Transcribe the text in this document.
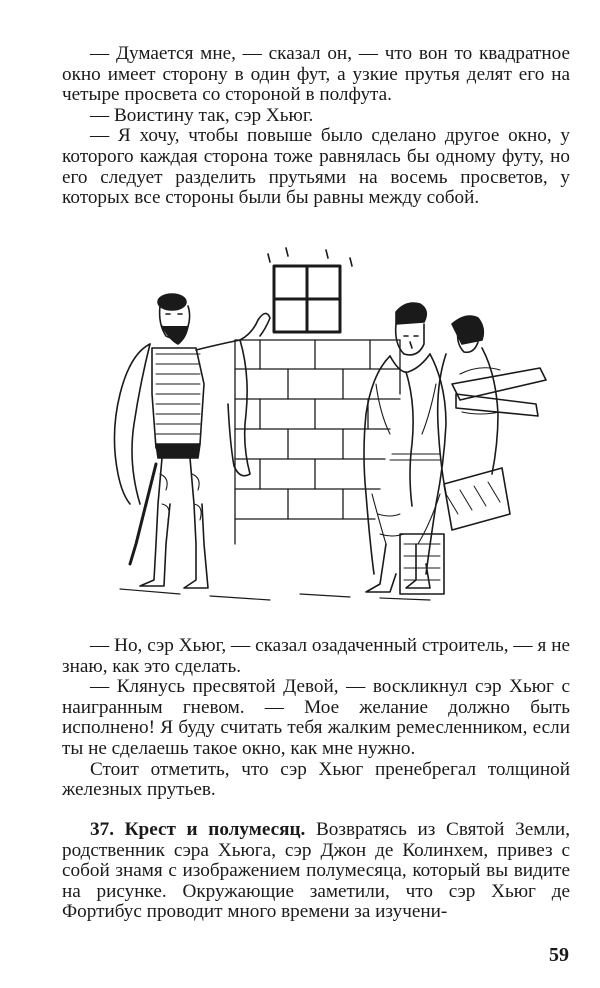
— Думается мне, — сказал он, — что вон то квадратное окно имеет сторону в один фут, а узкие прутья делят его на четыре просвета со стороной в полфута.

— Воистину так, сэр Хьюг.

— Я хочу, чтобы повыше было сделано другое окно, у которого каждая сторона тоже равнялась бы одному футу, но его следует разделить прутьями на восемь просветов, у которых все стороны были бы равны между собой.

— Но, сэр Хьюг, — сказал озадаченный строитель, — я не знаю, как это сделать.

— Клянусь пресвятой Девой, — воскликнул сэр Хьюг с наигранным гневом. — Мое желание должно быть исполнено! Я буду считать тебя жалким ремесленником, если ты не сделаешь такое окно, как мне нужно.

Стоит отметить, что сэр Хьюг пренебрегал толщиной железных прутьев.

37. Крест и полумесяц. Возвратясь из Святой Земли, родственник сэра Хьюга, сэр Джон де Колинхем, привез с собой знамя с изображением полумесяца, который вы видите на рисунке. Окружающие заметили, что сэр Хьюг де Фортибус проводит много времени за изучени-

59
